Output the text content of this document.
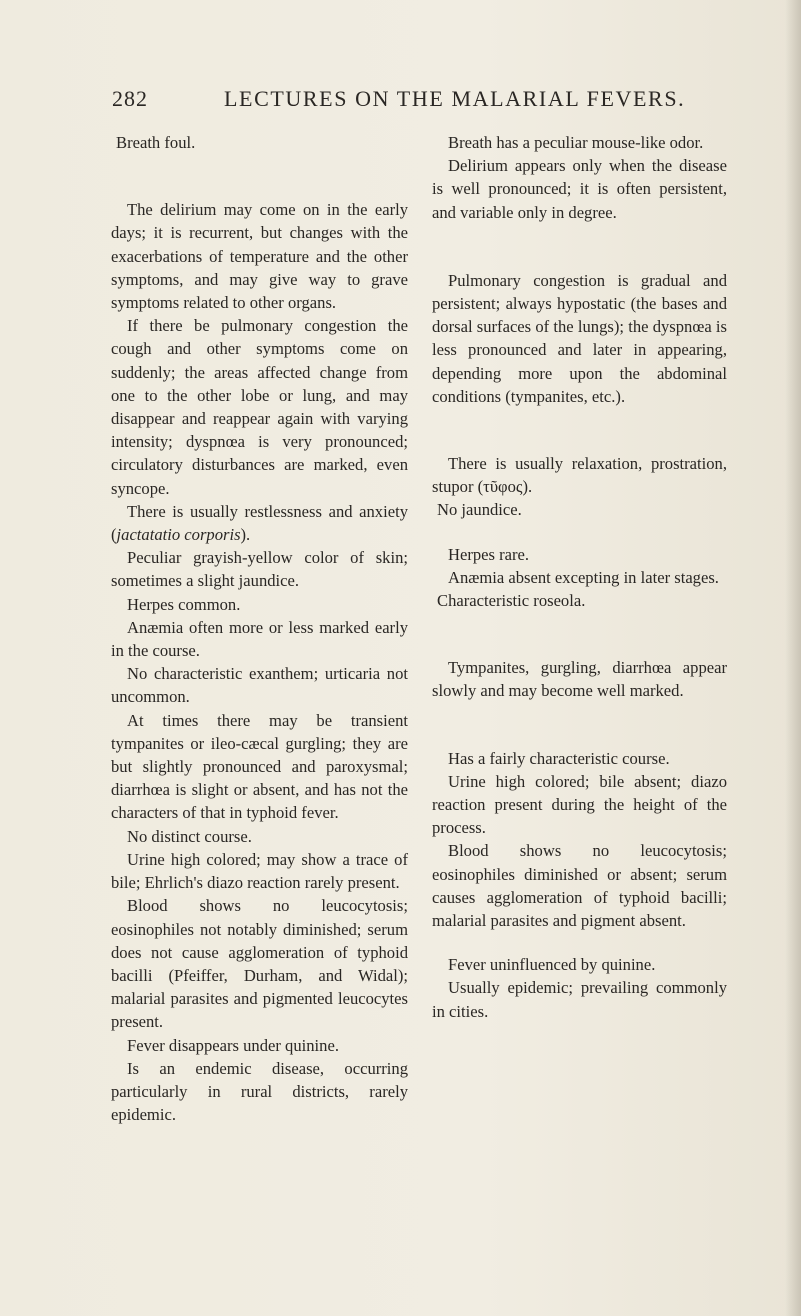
282	LECTURES ON THE MALARIAL FEVERS.

Breath foul.

The delirium may come on in the early days; it is recurrent, but changes with the exacerbations of temperature and the other symptoms, and may give way to grave symptoms related to other organs.

If there be pulmonary congestion the cough and other symptoms come on suddenly; the areas affected change from one to the other lobe or lung, and may disappear and reappear again with varying intensity; dyspnœa is very pronounced; circulatory disturbances are marked, even syncope.

There is usually restlessness and anxiety (jactatatio corporis).

Peculiar grayish-yellow color of skin; sometimes a slight jaundice.

Herpes common.

Anæmia often more or less marked early in the course.

No characteristic exanthem; urticaria not uncommon.

At times there may be transient tympanites or ileo-cæcal gurgling; they are but slightly pronounced and paroxysmal; diarrhœa is slight or absent, and has not the characters of that in typhoid fever.

No distinct course.

Urine high colored; may show a trace of bile; Ehrlich's diazo reaction rarely present.

Blood shows no leucocytosis; eosinophiles not notably diminished; serum does not cause agglomeration of typhoid bacilli (Pfeiffer, Durham, and Widal); malarial parasites and pigmented leucocytes present.

Fever disappears under quinine.

Is an endemic disease, occurring particularly in rural districts, rarely epidemic.

Breath has a peculiar mouse-like odor.

Delirium appears only when the disease is well pronounced; it is often persistent, and variable only in degree.

Pulmonary congestion is gradual and persistent; always hypostatic (the bases and dorsal surfaces of the lungs); the dyspnœa is less pronounced and later in appearing, depending more upon the abdominal conditions (tympanites, etc.).

There is usually relaxation, prostration, stupor (τῦφος).

No jaundice.

Herpes rare.

Anæmia absent excepting in later stages.

Characteristic roseola.

Tympanites, gurgling, diarrhœa appear slowly and may become well marked.

Has a fairly characteristic course.

Urine high colored; bile absent; diazo reaction present during the height of the process.

Blood shows no leucocytosis; eosinophiles diminished or absent; serum causes agglomeration of typhoid bacilli; malarial parasites and pigment absent.

Fever uninfluenced by quinine.

Usually epidemic; prevailing commonly in cities.
